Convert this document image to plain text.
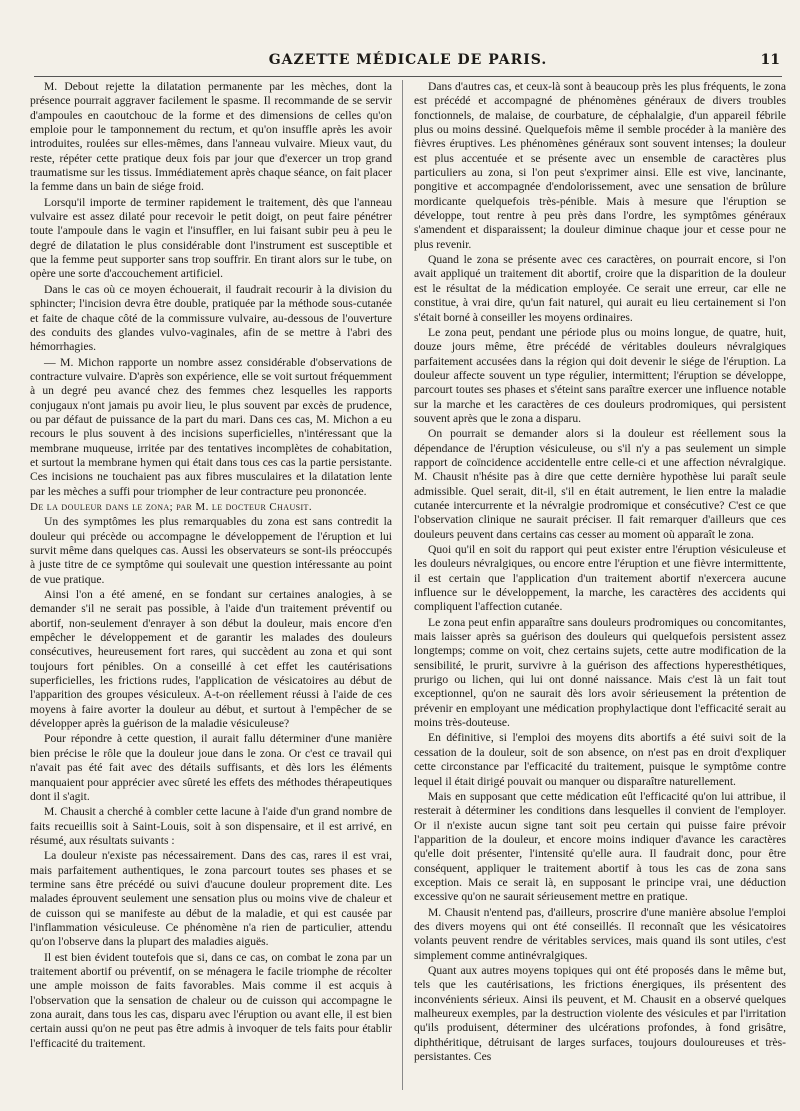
GAZETTE MÉDICALE DE PARIS.	11

M. Debout rejette la dilatation permanente par les mèches, dont la présence pourrait aggraver facilement le spasme. Il recommande de se servir d'ampoules en caoutchouc de la forme et des dimensions de celles qu'on emploie pour le tamponnement du rectum, et qu'on insuffle après les avoir introduites, roulées sur elles-mêmes, dans l'anneau vulvaire. Mieux vaut, du reste, répéter cette pratique deux fois par jour que d'exercer un trop grand traumatisme sur les tissus. Immédiatement après chaque séance, on fait placer la femme dans un bain de siége froid.

Lorsqu'il importe de terminer rapidement le traitement, dès que l'anneau vulvaire est assez dilaté pour recevoir le petit doigt, on peut faire pénétrer toute l'ampoule dans le vagin et l'insuffler, en lui faisant subir peu à peu le degré de dilatation le plus considérable dont l'instrument est susceptible et que la femme peut supporter sans trop souffrir. En tirant alors sur le tube, on opère une sorte d'accouchement artificiel.

Dans le cas où ce moyen échouerait, il faudrait recourir à la division du sphincter; l'incision devra être double, pratiquée par la méthode sous-cutanée et faite de chaque côté de la commissure vulvaire, au-dessous de l'ouverture des conduits des glandes vulvo-vaginales, afin de se mettre à l'abri des hémorrhagies.

— M. Michon rapporte un nombre assez considérable d'observations de contracture vulvaire. D'après son expérience, elle se voit surtout fréquemment à un degré peu avancé chez des femmes chez lesquelles les rapports conjugaux n'ont jamais pu avoir lieu, le plus souvent par excès de prudence, ou par défaut de puissance de la part du mari. Dans ces cas, M. Michon a eu recours le plus souvent à des incisions superficielles, n'intéressant que la membrane muqueuse, irritée par des tentatives incomplètes de cohabitation, et surtout la membrane hymen qui était dans tous ces cas la partie persistante. Ces incisions ne touchaient pas aux fibres musculaires et la dilatation lente par les mèches a suffi pour triompher de leur contracture peu prononcée.

De la douleur dans le zona; par M. le docteur Chausit.

Un des symptômes les plus remarquables du zona est sans contredit la douleur qui précède ou accompagne le développement de l'éruption et lui survit même dans quelques cas. Aussi les observateurs se sont-ils préoccupés à juste titre de ce symptôme qui soulevait une question intéressante au point de vue pratique.

Ainsi l'on a été amené, en se fondant sur certaines analogies, à se demander s'il ne serait pas possible, à l'aide d'un traitement préventif ou abortif, non-seulement d'enrayer à son début la douleur, mais encore d'en empêcher le développement et de garantir les malades des douleurs consécutives, heureusement fort rares, qui succèdent au zona et qui sont toujours fort pénibles. On a conseillé à cet effet les cautérisations superficielles, les frictions rudes, l'application de vésicatoires au début de l'apparition des groupes vésiculeux. A-t-on réellement réussi à l'aide de ces moyens à faire avorter la douleur au début, et surtout à l'empêcher de se développer après la guérison de la maladie vésiculeuse?

Pour répondre à cette question, il aurait fallu déterminer d'une manière bien précise le rôle que la douleur joue dans le zona. Or c'est ce travail qui n'avait pas été fait avec des détails suffisants, et dès lors les éléments manquaient pour apprécier avec sûreté les effets des méthodes thérapeutiques dont il s'agit.

M. Chausit a cherché à combler cette lacune à l'aide d'un grand nombre de faits recueillis soit à Saint-Louis, soit à son dispensaire, et il est arrivé, en résumé, aux résultats suivants :

La douleur n'existe pas nécessairement. Dans des cas, rares il est vrai, mais parfaitement authentiques, le zona parcourt toutes ses phases et se termine sans être précédé ou suivi d'aucune douleur proprement dite. Les malades éprouvent seulement une sensation plus ou moins vive de chaleur et de cuisson qui se manifeste au début de la maladie, et qui est causée par l'inflammation vésiculeuse. Ce phénomène n'a rien de particulier, attendu qu'on l'observe dans la plupart des maladies aiguës.

Il est bien évident toutefois que si, dans ce cas, on combat le zona par un traitement abortif ou préventif, on se ménagera le facile triomphe de récolter une ample moisson de faits favorables. Mais comme il est acquis à l'observation que la sensation de chaleur ou de cuisson qui accompagne le zona aurait, dans tous les cas, disparu avec l'éruption ou avant elle, il est bien certain aussi qu'on ne peut pas être admis à invoquer de tels faits pour établir l'efficacité du traitement.

Dans d'autres cas, et ceux-là sont à beaucoup près les plus fréquents, le zona est précédé et accompagné de phénomènes généraux de divers troubles fonctionnels, de malaise, de courbature, de céphalalgie, d'un appareil fébrile plus ou moins dessiné. Quelquefois même il semble procéder à la manière des fièvres éruptives. Les phénomènes généraux sont souvent intenses; la douleur est plus accentuée et se présente avec un ensemble de caractères plus particuliers au zona, si l'on peut s'exprimer ainsi. Elle est vive, lancinante, pongitive et accompagnée d'endolorissement, avec une sensation de brûlure mordicante quelquefois très-pénible. Mais à mesure que l'éruption se développe, tout rentre à peu près dans l'ordre, les symptômes généraux s'amendent et disparaissent; la douleur diminue chaque jour et cesse pour ne plus revenir.

Quand le zona se présente avec ces caractères, on pourrait encore, si l'on avait appliqué un traitement dit abortif, croire que la disparition de la douleur est le résultat de la médication employée. Ce serait une erreur, car elle ne constitue, à vrai dire, qu'un fait naturel, qui aurait eu lieu certainement si l'on s'était borné à conseiller les moyens ordinaires.

Le zona peut, pendant une période plus ou moins longue, de quatre, huit, douze jours même, être précédé de véritables douleurs névralgiques parfaitement accusées dans la région qui doit devenir le siége de l'éruption. La douleur affecte souvent un type régulier, intermittent; l'éruption se développe, parcourt toutes ses phases et s'éteint sans paraître exercer une influence notable sur la marche et les caractères de ces douleurs prodromiques, qui persistent souvent après que le zona a disparu.

On pourrait se demander alors si la douleur est réellement sous la dépendance de l'éruption vésiculeuse, ou s'il n'y a pas seulement un simple rapport de coïncidence accidentelle entre celle-ci et une affection névralgique. M. Chausit n'hésite pas à dire que cette dernière hypothèse lui paraît seule admissible. Quel serait, dit-il, s'il en était autrement, le lien entre la maladie cutanée intercurrente et la névralgie prodromique et consécutive? C'est ce que l'observation clinique ne saurait préciser. Il fait remarquer d'ailleurs que ces douleurs peuvent dans certains cas cesser au moment où apparaît le zona.

Quoi qu'il en soit du rapport qui peut exister entre l'éruption vésiculeuse et les douleurs névralgiques, ou encore entre l'éruption et une fièvre intermittente, il est certain que l'application d'un traitement abortif n'exercera aucune influence sur le développement, la marche, les caractères des accidents qui compliquent l'affection cutanée.

Le zona peut enfin apparaître sans douleurs prodromiques ou concomitantes, mais laisser après sa guérison des douleurs qui quelquefois persistent assez longtemps; comme on voit, chez certains sujets, cette autre modification de la sensibilité, le prurit, survivre à la guérison des affections hyperesthétiques, prurigo ou lichen, qui lui ont donné naissance. Mais c'est là un fait tout exceptionnel, qu'on ne saurait dès lors avoir sérieusement la prétention de prévenir en employant une médication prophylactique dont l'efficacité serait au moins très-douteuse.

En définitive, si l'emploi des moyens dits abortifs a été suivi soit de la cessation de la douleur, soit de son absence, on n'est pas en droit d'expliquer cette circonstance par l'efficacité du traitement, puisque le symptôme contre lequel il était dirigé pouvait ou manquer ou disparaître naturellement.

Mais en supposant que cette médication eût l'efficacité qu'on lui attribue, il resterait à déterminer les conditions dans lesquelles il convient de l'employer. Or il n'existe aucun signe tant soit peu certain qui puisse faire prévoir l'apparition de la douleur, et encore moins indiquer d'avance les caractères qu'elle doit présenter, l'intensité qu'elle aura. Il faudrait donc, pour être conséquent, appliquer le traitement abortif à tous les cas de zona sans exception. Mais ce serait là, en supposant le principe vrai, une déduction excessive qu'on ne saurait sérieusement mettre en pratique.

M. Chausit n'entend pas, d'ailleurs, proscrire d'une manière absolue l'emploi des divers moyens qui ont été conseillés. Il reconnaît que les vésicatoires volants peuvent rendre de véritables services, mais quand ils sont utiles, c'est simplement comme antinévralgiques.

Quant aux autres moyens topiques qui ont été proposés dans le même but, tels que les cautérisations, les frictions énergiques, ils présentent des inconvénients sérieux. Ainsi ils peuvent, et M. Chausit en a observé quelques malheureux exemples, par la destruction violente des vésicules et par l'irritation qu'ils produisent, déterminer des ulcérations profondes, à fond grisâtre, diphthéritique, détruisant de larges surfaces, toujours douloureuses et très-persistantes. Ces
